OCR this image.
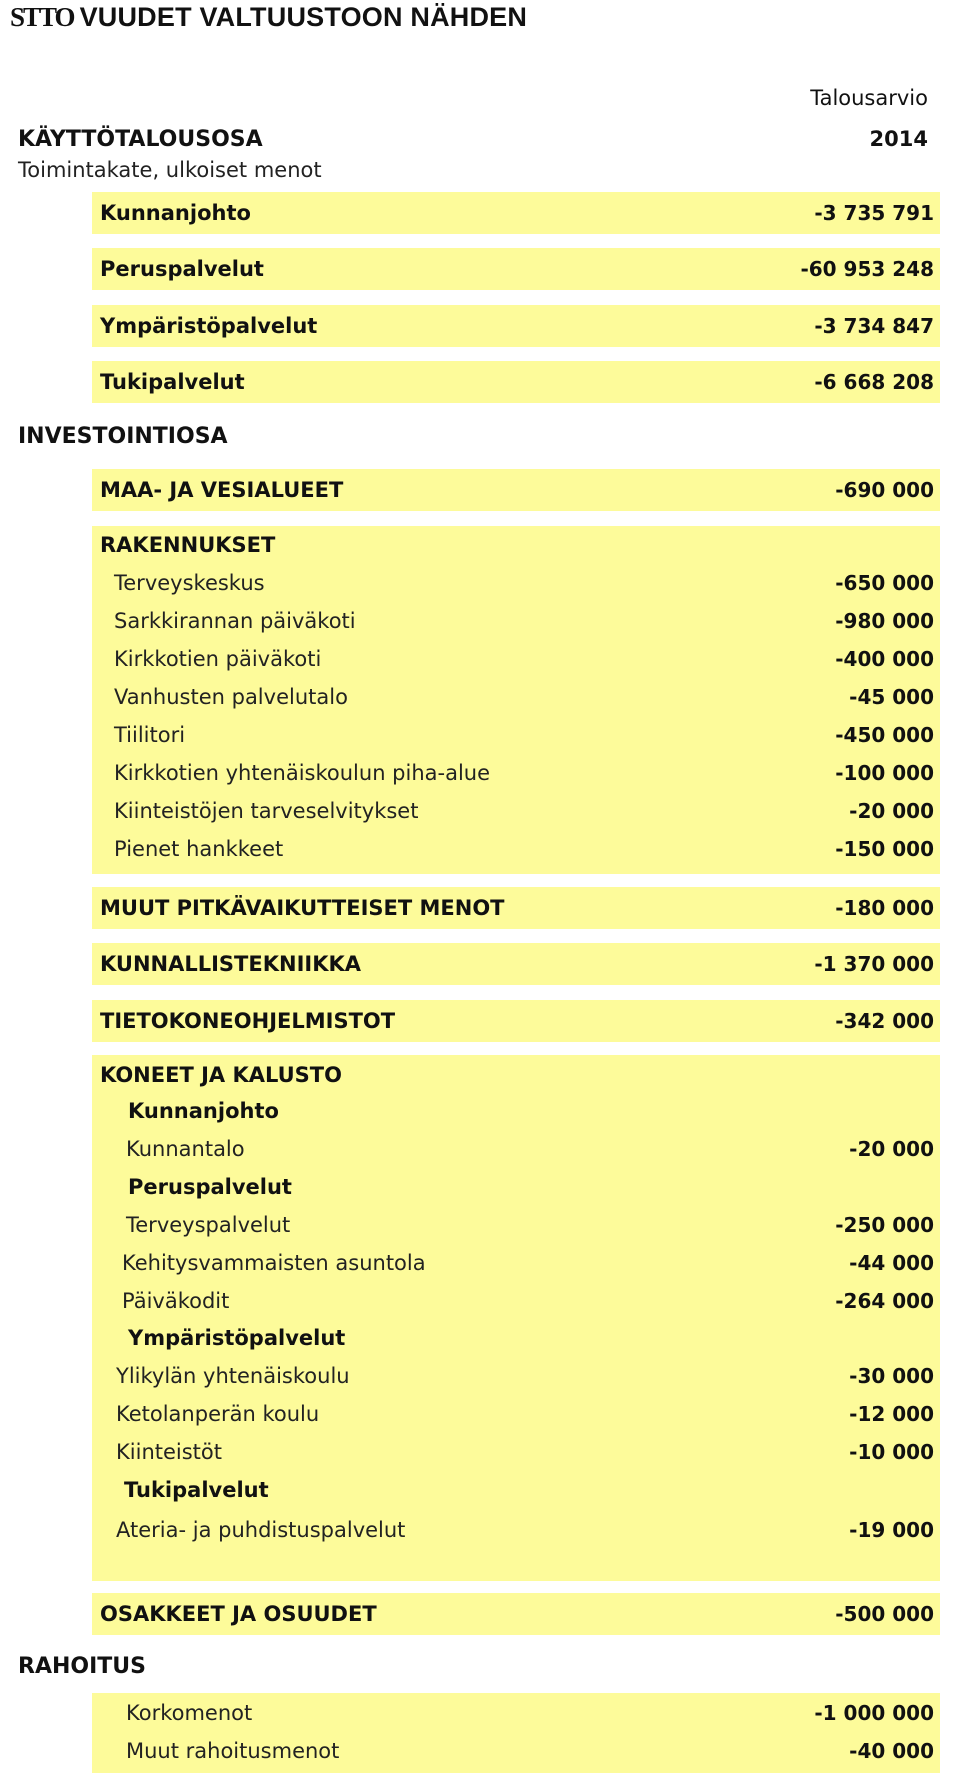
STTO VUUDET VALTUUSTOON NÄHDEN
Talousarvio
2014
KÄYTTÖTALOUSOSA
Toimintakate, ulkoiset menot
Kunnanjohto	-3 735 791
Peruspalvelut	-60 953 248
Ympäristöpalvelut	-3 734 847
Tukipalvelut	-6 668 208
INVESTOINTIOSA
MAA- JA VESIALUEET	-690 000
RAKENNUKSET
Terveyskeskus	-650 000
Sarkkirannan päiväkoti	-980 000
Kirkkotien päiväkoti	-400 000
Vanhusten palvelutalo	-45 000
Tiilitori	-450 000
Kirkkotien yhtenäiskoulun piha-alue	-100 000
Kiinteistöjen tarveselvitykset	-20 000
Pienet hankkeet	-150 000
MUUT PITKÄVAIKUTTEISET MENOT	-180 000
KUNNALLISTEKNIIKKA	-1 370 000
TIETOKONEOHJELMISTOT	-342 000
KONEET JA KALUSTO
Kunnanjohto
Kunnantalo	-20 000
Peruspalvelut
Terveyspalvelut	-250 000
Kehitysvammaisten asuntola	-44 000
Päiväkodit	-264 000
Ympäristöpalvelut
Ylikylän yhtenäiskoulu	-30 000
Ketolanperän koulu	-12 000
Kiinteistöt	-10 000
Tukipalvelut
Ateria- ja puhdistuspalvelut	-19 000
OSAKKEET JA OSUUDET	-500 000
RAHOITUS
Korkomenot	-1 000 000
Muut rahoitusmenot	-40 000
